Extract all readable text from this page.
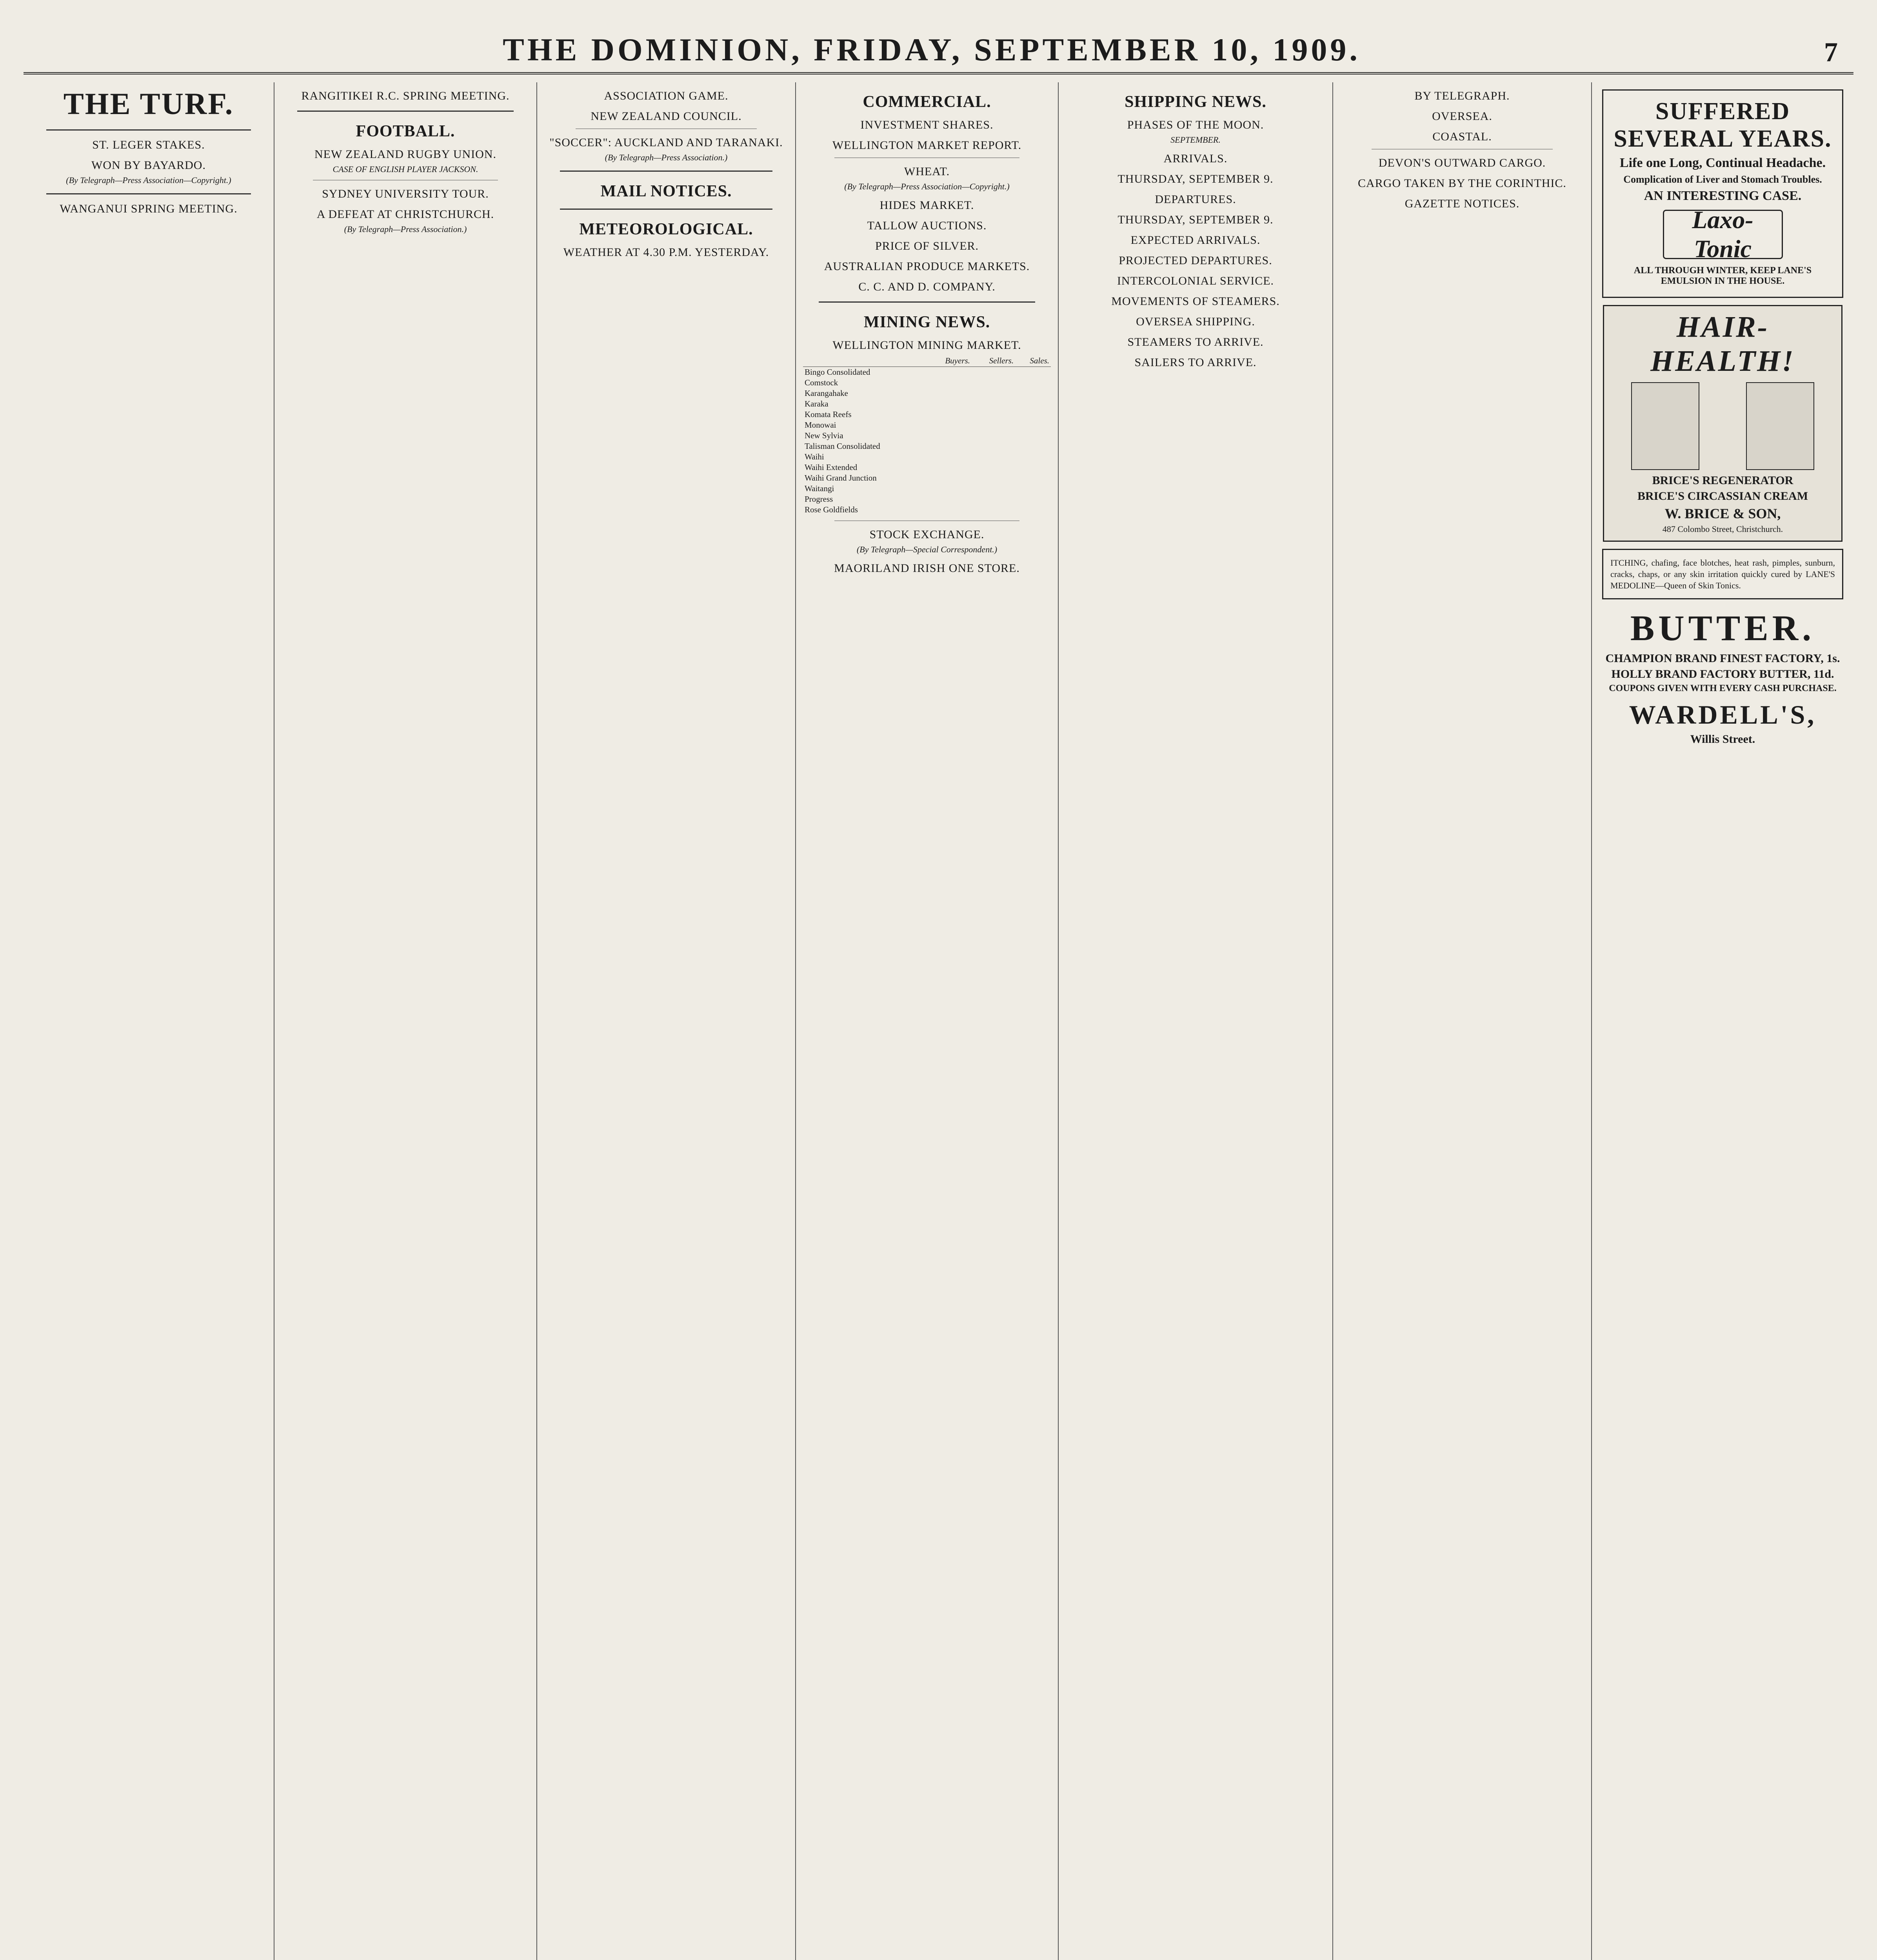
THE DOMINION, FRIDAY, SEPTEMBER 10, 1909.	7
THE TURF.
ST. LEGER STAKES.
WON BY BAYARDO.
(By Telegraph—Press Association—Copyright.)

WANGANUI SPRING MEETING.

RANGITIKEI R.C. SPRING MEETING.

FOOTBALL.
NEW ZEALAND RUGBY UNION.
CASE OF ENGLISH PLAYER JACKSON.

SYDNEY UNIVERSITY TOUR.
A DEFEAT AT CHRISTCHURCH.
(By Telegraph—Press Association.)

ASSOCIATION GAME.
NEW ZEALAND COUNCIL.

"SOCCER": AUCKLAND AND TARANAKI.
(By Telegraph—Press Association.)

MAIL NOTICES.

METEOROLOGICAL.
WEATHER AT 4.30 P.M. YESTERDAY.

COMMERCIAL.
INVESTMENT SHARES.

WELLINGTON MARKET REPORT.

WHEAT.
(By Telegraph—Press Association—Copyright.)

HIDES MARKET.

TALLOW AUCTIONS.

PRICE OF SILVER.

AUSTRALIAN PRODUCE MARKETS.

C. C. AND D. COMPANY.

MINING NEWS.
WELLINGTON MINING MARKET.
	Buyers.	Sellers.	Sales.
Bingo Consolidated			
Comstock			
Karangahake			
Karaka			
Komata Reefs			
Monowai			
New Sylvia			
Talisman Consolidated			
Waihi			
Waihi Extended			
Waihi Grand Junction			
Waitangi			
Progress			
Rose Goldfields			
STOCK EXCHANGE.
(By Telegraph—Special Correspondent.)

MAORILAND IRISH ONE STORE.

SHIPPING NEWS.
PHASES OF THE MOON.
SEPTEMBER.

ARRIVALS.
THURSDAY, SEPTEMBER 9.

DEPARTURES.
THURSDAY, SEPTEMBER 9.

EXPECTED ARRIVALS.

PROJECTED DEPARTURES.

INTERCOLONIAL SERVICE.
MOVEMENTS OF STEAMERS.

OVERSEA SHIPPING.
STEAMERS TO ARRIVE.

SAILERS TO ARRIVE.

BY TELEGRAPH.
OVERSEA.

COASTAL.

DEVON'S OUTWARD CARGO.

CARGO TAKEN BY THE CORINTHIC.

GAZETTE NOTICES.

SUFFERED SEVERAL YEARS.
Life one Long, Continual Headache.
Complication of Liver and Stomach Troubles.
AN INTERESTING CASE.

Laxo-Tonic
ALL THROUGH WINTER, KEEP LANE'S EMULSION IN THE HOUSE.
HAIR-HEALTH!
BRICE'S REGENERATOR
BRICE'S CIRCASSIAN CREAM
W. BRICE & SON,
487 Colombo Street, Christchurch.
ITCHING, chafing, face blotches, heat rash, pimples, sunburn, cracks, chaps, or any skin irritation quickly cured by LANE'S MEDOLINE—Queen of Skin Tonics.
BUTTER.
CHAMPION BRAND FINEST FACTORY, 1s.
HOLLY BRAND FACTORY BUTTER, 11d.
COUPONS GIVEN WITH EVERY CASH PURCHASE.
WARDELL'S,
Willis Street.
